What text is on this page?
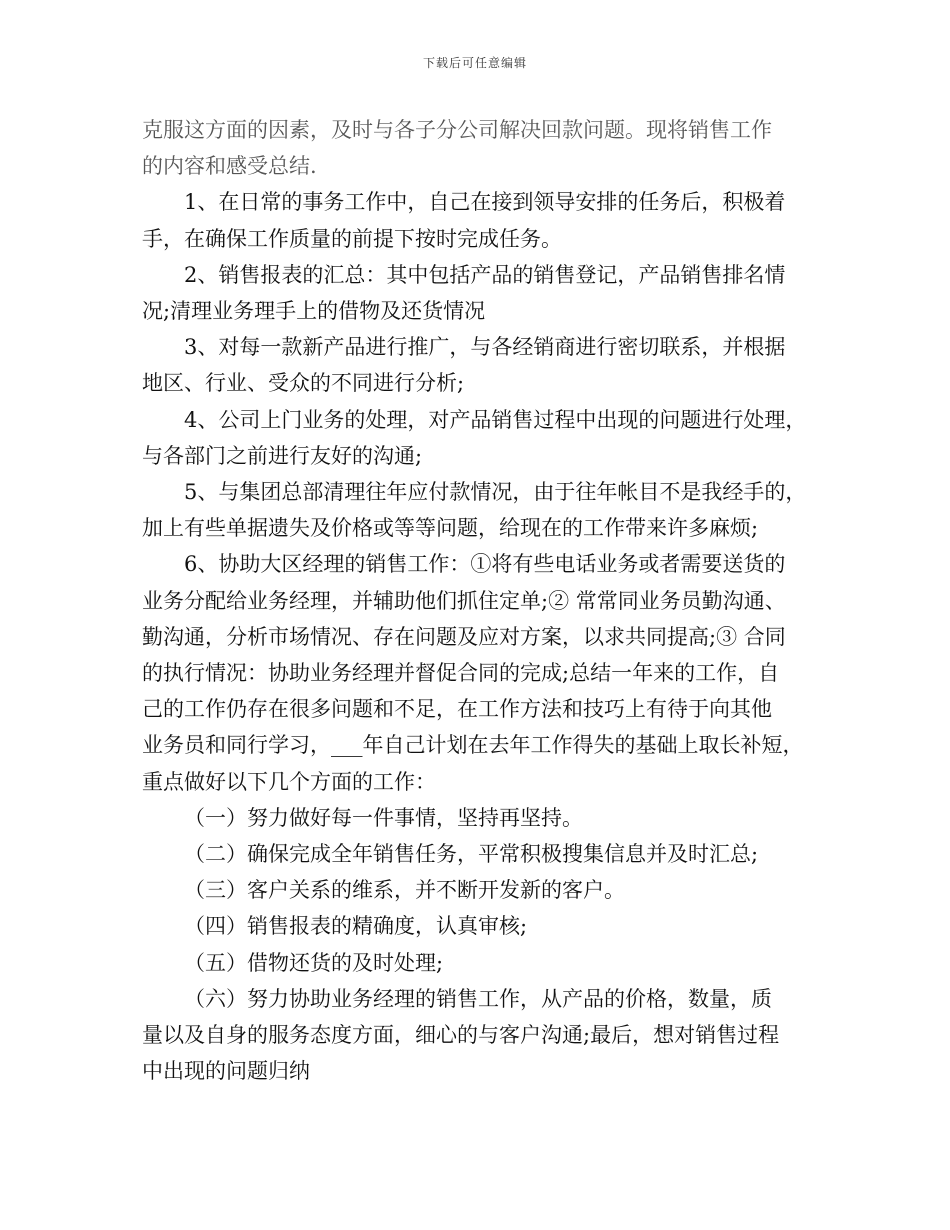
下载后可任意编辑
克服这方面的因素，及时与各子分公司解决回款问题。现将销售工作
的内容和感受总结.
1、在日常的事务工作中，自己在接到领导安排的任务后，积极着
手，在确保工作质量的前提下按时完成任务。
2、销售报表的汇总：其中包括产品的销售登记，产品销售排名情
况;清理业务理手上的借物及还货情况
3、对每一款新产品进行推广，与各经销商进行密切联系，并根据
地区、行业、受众的不同进行分析;
4、公司上门业务的处理，对产品销售过程中出现的问题进行处理，
与各部门之前进行友好的沟通;
5、与集团总部清理往年应付款情况，由于往年帐目不是我经手的，
加上有些单据遗失及价格或等等问题，给现在的工作带来许多麻烦;
6、协助大区经理的销售工作：①将有些电话业务或者需要送货的
业务分配给业务经理，并辅助他们抓住定单;② 常常同业务员勤沟通、
勤沟通，分析市场情况、存在问题及应对方案，以求共同提高;③ 合同
的执行情况：协助业务经理并督促合同的完成;总结一年来的工作，自
己的工作仍存在很多问题和不足，在工作方法和技巧上有待于向其他
业务员和同行学习，___年自己计划在去年工作得失的基础上取长补短，
重点做好以下几个方面的工作：
（一）努力做好每一件事情，坚持再坚持。
（二）确保完成全年销售任务，平常积极搜集信息并及时汇总;
（三）客户关系的维系，并不断开发新的客户。
（四）销售报表的精确度，认真审核;
（五）借物还货的及时处理;
（六）努力协助业务经理的销售工作，从产品的价格，数量，质
量以及自身的服务态度方面，细心的与客户沟通;最后，想对销售过程
中出现的问题归纳
